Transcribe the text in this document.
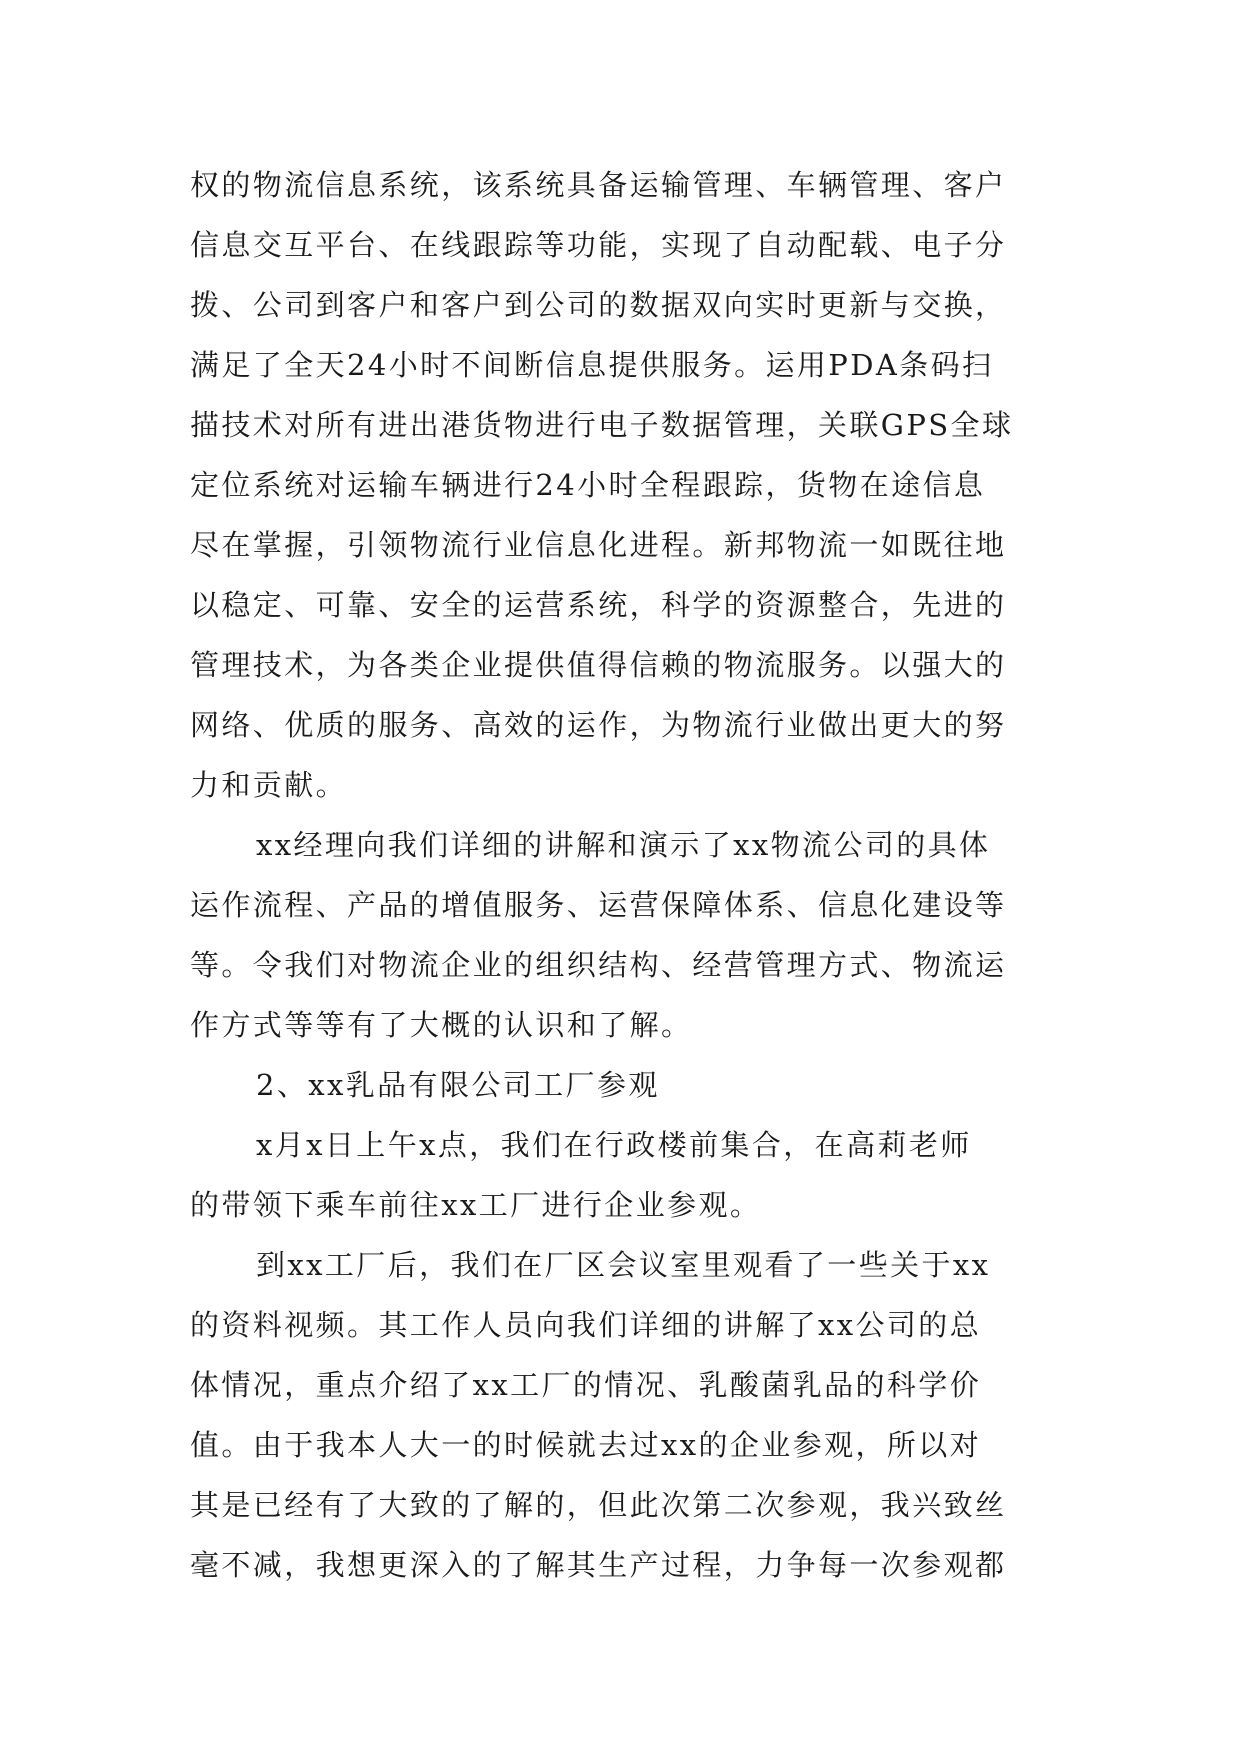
权的物流信息系统，该系统具备运输管理、车辆管理、客户
信息交互平台、在线跟踪等功能，实现了自动配载、电子分
拨、公司到客户和客户到公司的数据双向实时更新与交换，
满足了全天24小时不间断信息提供服务。运用PDA条码扫
描技术对所有进出港货物进行电子数据管理，关联GPS全球
定位系统对运输车辆进行24小时全程跟踪，货物在途信息
尽在掌握，引领物流行业信息化进程。新邦物流一如既往地
以稳定、可靠、安全的运营系统，科学的资源整合，先进的
管理技术，为各类企业提供值得信赖的物流服务。以强大的
网络、优质的服务、高效的运作，为物流行业做出更大的努
力和贡献。
xx经理向我们详细的讲解和演示了xx物流公司的具体
运作流程、产品的增值服务、运营保障体系、信息化建设等
等。令我们对物流企业的组织结构、经营管理方式、物流运
作方式等等有了大概的认识和了解。
2、xx乳品有限公司工厂参观
x月x日上午x点，我们在行政楼前集合，在高莉老师
的带领下乘车前往xx工厂进行企业参观。
到xx工厂后，我们在厂区会议室里观看了一些关于xx
的资料视频。其工作人员向我们详细的讲解了xx公司的总
体情况，重点介绍了xx工厂的情况、乳酸菌乳品的科学价
值。由于我本人大一的时候就去过xx的企业参观，所以对
其是已经有了大致的了解的，但此次第二次参观，我兴致丝
毫不减，我想更深入的了解其生产过程，力争每一次参观都
